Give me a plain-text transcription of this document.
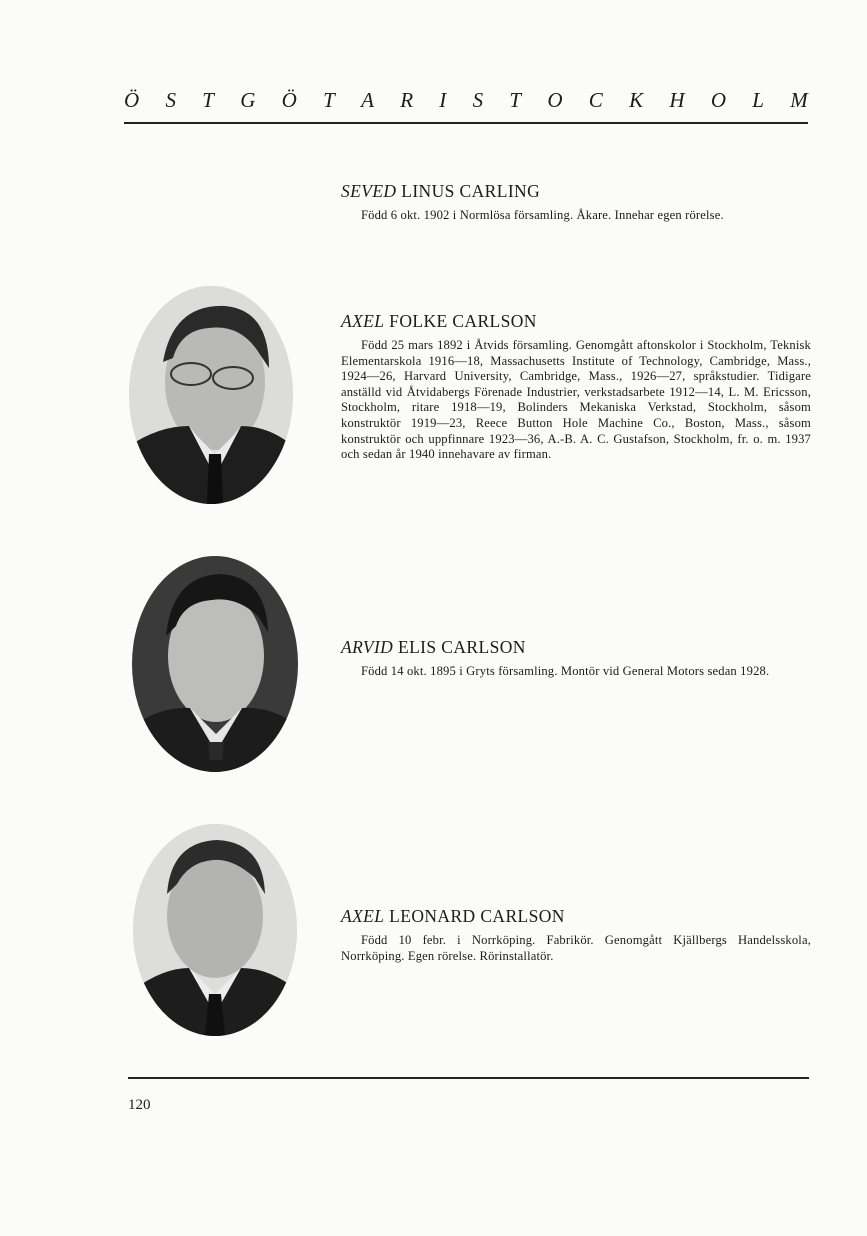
Ö S T G Ö T A R I S T O C K H O L M
SEVED LINUS CARLING
Född 6 okt. 1902 i Normlösa församling. Åkare. Innehar egen rörelse.
AXEL FOLKE CARLSON
Född 25 mars 1892 i Åtvids församling. Genomgått aftonskolor i Stockholm, Teknisk Elementarskola 1916—18, Massachusetts Institute of Technology, Cambridge, Mass., 1924—26, Harvard University, Cambridge, Mass., 1926—27, språkstudier. Tidigare anställd vid Åtvidabergs Förenade Industrier, verkstadsarbete 1912—14, L. M. Ericsson, Stockholm, ritare 1918—19, Bolinders Mekaniska Verkstad, Stockholm, såsom konstruktör 1919—23, Reece Button Hole Machine Co., Boston, Mass., såsom konstruktör och uppfinnare 1923—36, A.-B. A. C. Gustafson, Stockholm, fr. o. m. 1937 och sedan år 1940 innehavare av firman.
ARVID ELIS CARLSON
Född 14 okt. 1895 i Gryts församling. Montör vid General Motors sedan 1928.
AXEL LEONARD CARLSON
Född 10 febr. i Norrköping. Fabrikör. Genomgått Kjällbergs Handelsskola, Norrköping. Egen rörelse. Rörinstallatör.
120
